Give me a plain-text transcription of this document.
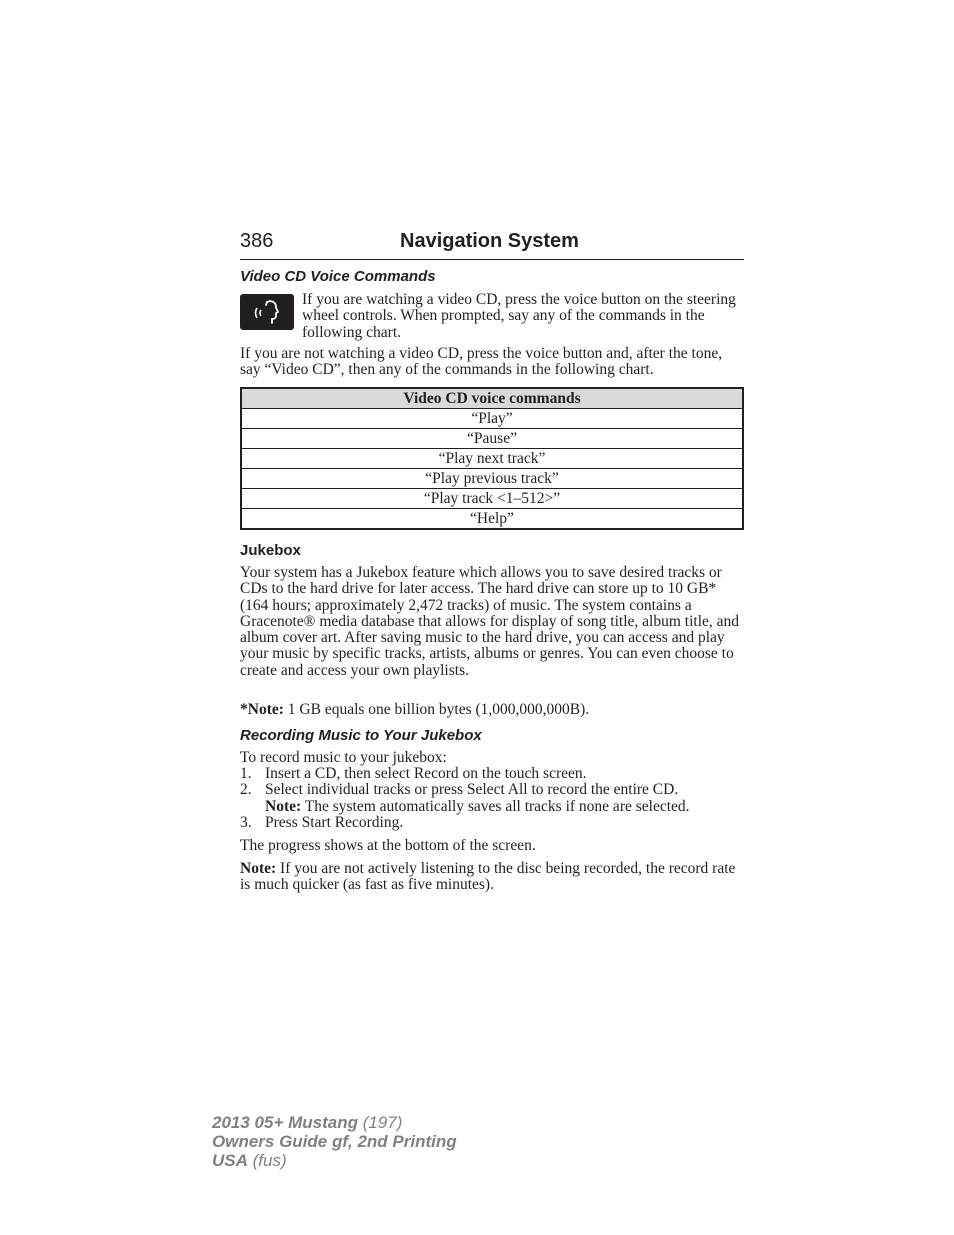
386	Navigation System
Video CD Voice Commands

If you are watching a video CD, press the voice button on the steering wheel controls. When prompted, say any of the commands in the following chart.

If you are not watching a video CD, press the voice button and, after the tone, say “Video CD”, then any of the commands in the following chart.

Video CD voice commands
“Play”
“Pause”
“Play next track”
“Play previous track”
“Play track <1–512>”
“Help”
Jukebox

Your system has a Jukebox feature which allows you to save desired tracks or CDs to the hard drive for later access. The hard drive can store up to 10 GB* (164 hours; approximately 2,472 tracks) of music. The system contains a Gracenote® media database that allows for display of song title, album title, and album cover art. After saving music to the hard drive, you can access and play your music by specific tracks, artists, albums or genres. You can even choose to create and access your own playlists.

*Note: 1 GB equals one billion bytes (1,000,000,000B).

Recording Music to Your Jukebox

To record music to your jukebox:

1. Insert a CD, then select Record on the touch screen.
2. Select individual tracks or press Select All to record the entire CD.
Note: The system automatically saves all tracks if none are selected.
3. Press Start Recording.

The progress shows at the bottom of the screen.

Note: If you are not actively listening to the disc being recorded, the record rate is much quicker (as fast as five minutes).

2013 05+ Mustang (197)
Owners Guide gf, 2nd Printing
USA (fus)
